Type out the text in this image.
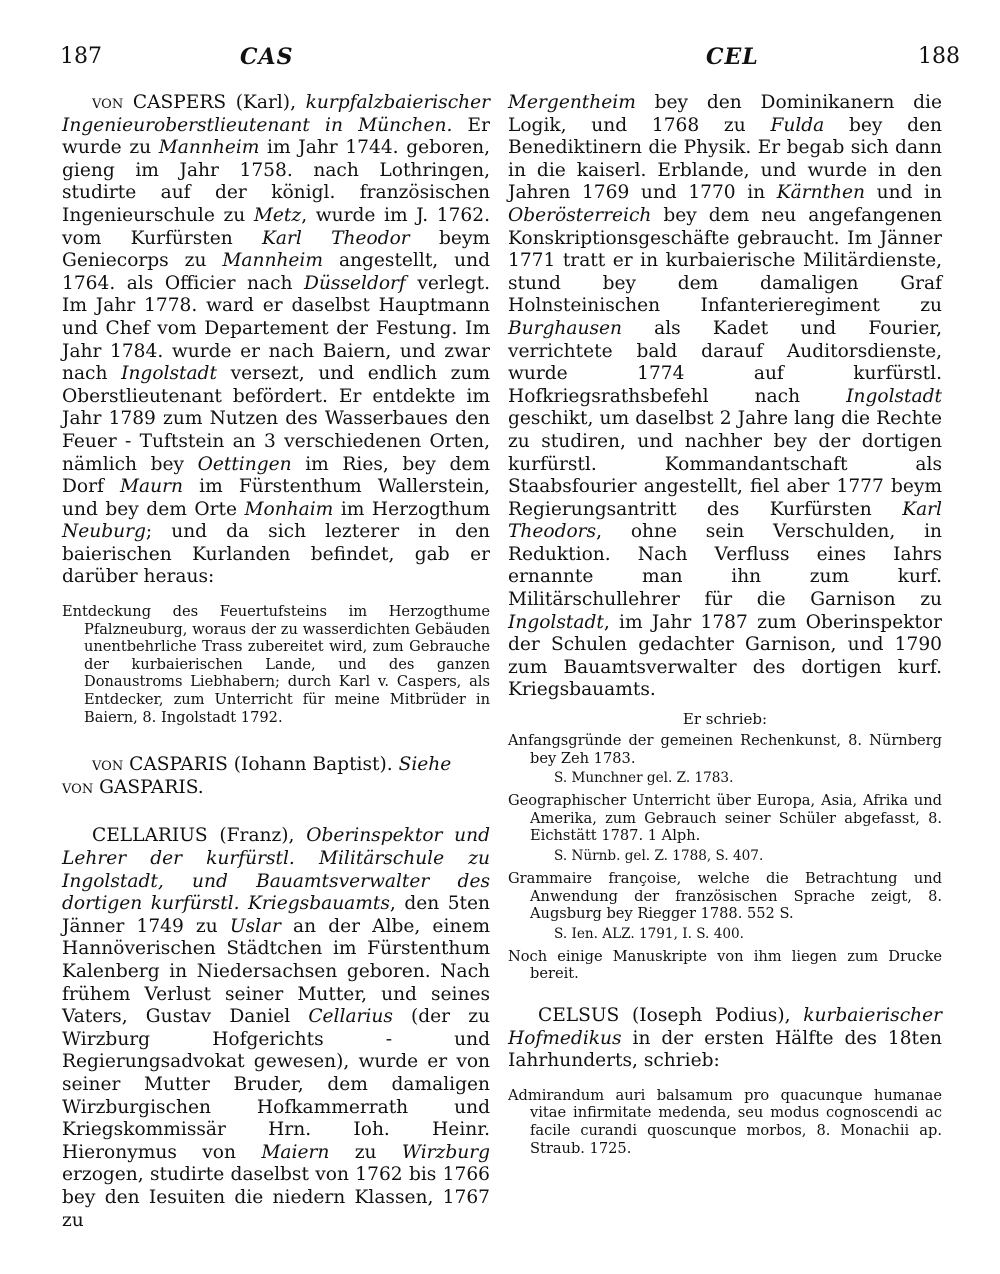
187	CAS	CEL	188

von CASPERS (Karl), kurpfalzbaierischer Ingenieuroberstlieutenant in München. Er wurde zu Mannheim im Jahr 1744. geboren, gieng im Jahr 1758. nach Lothringen, studirte auf der königl. französischen Ingenieurschule zu Metz, wurde im J. 1762. vom Kurfürsten Karl Theodor beym Geniecorps zu Mannheim angestellt, und 1764. als Officier nach Düsseldorf verlegt. Im Jahr 1778. ward er daselbst Hauptmann und Chef vom Departement der Festung. Im Jahr 1784. wurde er nach Baiern, und zwar nach Ingolstadt versezt, und endlich zum Oberstlieutenant befördert. Er entdekte im Jahr 1789 zum Nutzen des Wasserbaues den Feuer - Tuftstein an 3 verschiedenen Orten, nämlich bey Oettingen im Ries, bey dem Dorf Maurn im Fürstenthum Wallerstein, und bey dem Orte Monhaim im Herzogthum Neuburg; und da sich lezterer in den baierischen Kurlanden befindet, gab er darüber heraus:

Entdeckung des Feuertufsteins im Herzogthume Pfalzneuburg, woraus der zu wasserdichten Gebäuden unentbehrliche Trass zubereitet wird, zum Gebrauche der kurbaierischen Lande, und des ganzen Donaustroms Liebhabern; durch Karl v. Caspers, als Entdecker, zum Unterricht für meine Mitbrüder in Baiern, 8. Ingolstadt 1792.

von CASPARIS (Iohann Baptist). Siehe
von GASPARIS.

CELLARIUS (Franz), Oberinspektor und Lehrer der kurfürstl. Militärschule zu Ingolstadt, und Bauamtsverwalter des dortigen kurfürstl. Kriegsbauamts, den 5ten Jänner 1749 zu Uslar an der Albe, einem Hannöverischen Städtchen im Fürstenthum Kalenberg in Niedersachsen geboren. Nach frühem Verlust seiner Mutter, und seines Vaters, Gustav Daniel Cellarius (der zu Wirzburg Hofgerichts - und Regierungsadvokat gewesen), wurde er von seiner Mutter Bruder, dem damaligen Wirzburgischen Hofkammerrath und Kriegskommissär Hrn. Ioh. Heinr. Hieronymus von Maiern zu Wirzburg erzogen, studirte daselbst von 1762 bis 1766 bey den Iesuiten die niedern Klassen, 1767 zu

Mergentheim bey den Dominikanern die Logik, und 1768 zu Fulda bey den Benediktinern die Physik. Er begab sich dann in die kaiserl. Erblande, und wurde in den Jahren 1769 und 1770 in Kärnthen und in Oberösterreich bey dem neu angefangenen Konskriptionsgeschäfte gebraucht. Im Jänner 1771 tratt er in kurbaierische Militärdienste, stund bey dem damaligen Graf Holnsteinischen Infanterieregiment zu Burghausen als Kadet und Fourier, verrichtete bald darauf Auditorsdienste, wurde 1774 auf kurfürstl. Hofkriegsrathsbefehl nach Ingolstadt geschikt, um daselbst 2 Jahre lang die Rechte zu studiren, und nachher bey der dortigen kurfürstl. Kommandantschaft als Staabsfourier angestellt, fiel aber 1777 beym Regierungsantritt des Kurfürsten Karl Theodors, ohne sein Verschulden, in Reduktion. Nach Verfluss eines Iahrs ernannte man ihn zum kurf. Militärschullehrer für die Garnison zu Ingolstadt, im Jahr 1787 zum Oberinspektor der Schulen gedachter Garnison, und 1790 zum Bauamtsverwalter des dortigen kurf. Kriegsbauamts.

Er schrieb:

Anfangsgründe der gemeinen Rechenkunst, 8. Nürnberg bey Zeh 1783.

S. Munchner gel. Z. 1783.

Geographischer Unterricht über Europa, Asia, Afrika und Amerika, zum Gebrauch seiner Schüler abgefasst, 8. Eichstätt 1787. 1 Alph.

S. Nürnb. gel. Z. 1788, S. 407.

Grammaire françoise, welche die Betrachtung und Anwendung der französischen Sprache zeigt, 8. Augsburg bey Riegger 1788. 552 S.

S. Ien. ALZ. 1791, I. S. 400.

Noch einige Manuskripte von ihm liegen zum Drucke bereit.

CELSUS (Ioseph Podius), kurbaierischer Hofmedikus in der ersten Hälfte des 18ten Iahrhunderts, schrieb:

Admirandum auri balsamum pro quacunque humanae vitae infirmitate medenda, seu modus cognoscendi ac facile curandi quoscunque morbos, 8. Monachii ap. Straub. 1725.
